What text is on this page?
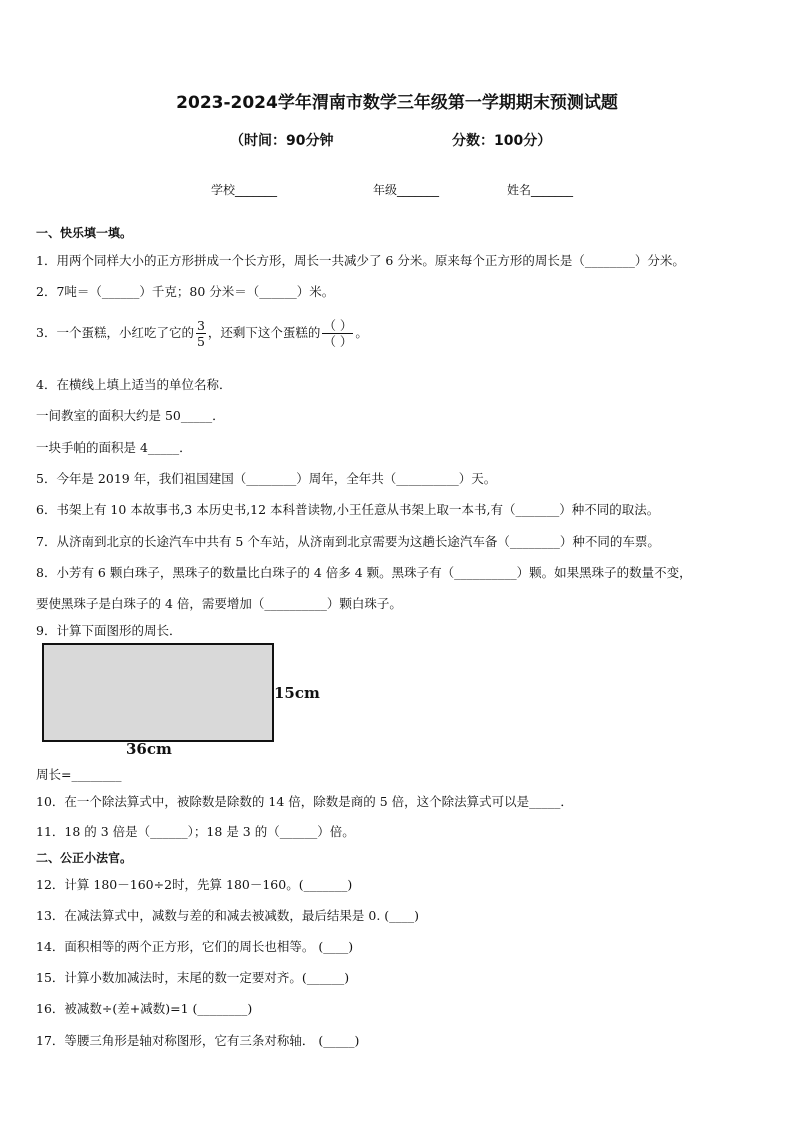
2023-2024学年渭南市数学三年级第一学期期末预测试题
（时间：90分钟	分数：100分）
学校_______	年级_______	姓名_______
一、快乐填一填。
1．用两个同样大小的正方形拼成一个长方形，周长一共减少了 6 分米。原来每个正方形的周长是（________）分米。
2．7吨＝（______）千克；80 分米＝（______）米。
3．一个蛋糕，小红吃了它的 $\frac{3}{5}$ ，还剩下这个蛋糕的 $\frac{( )}{( )}$ 。
4．在横线上填上适当的单位名称．
一间教室的面积大约是 50_____．
一块手帕的面积是 4_____．
5．今年是 2019 年，我们祖国建国（________）周年，全年共（__________）天。
6．书架上有 10 本故事书,3 本历史书,12 本科普读物,小王任意从书架上取一本书,有（_______）种不同的取法。
7．从济南到北京的长途汽车中共有 5 个车站，从济南到北京需要为这趟长途汽车备（________）种不同的车票。
8．小芳有 6 颗白珠子，黑珠子的数量比白珠子的 4 倍多 4 颗。黑珠子有（__________）颗。如果黑珠子的数量不变，
要使黑珠子是白珠子的 4 倍，需要增加（__________）颗白珠子。
9．计算下面图形的周长．
15cm
36cm
周长=________
10．在一个除法算式中，被除数是除数的 14 倍，除数是商的 5 倍，这个除法算式可以是_____．
11．18 的 3 倍是（______）；18 是 3 的（______）倍。
二、公正小法官。
12．计算 180－160÷2时，先算 180－160。(_______)
13．在减法算式中，减数与差的和减去被减数，最后结果是 0. (____)
14．面积相等的两个正方形，它们的周长也相等。 (____)
15．计算小数加减法时，末尾的数一定要对齐。(______)
16．被减数÷(差+减数)=1 (________)
17．等腰三角形是轴对称图形，它有三条对称轴． (_____)
